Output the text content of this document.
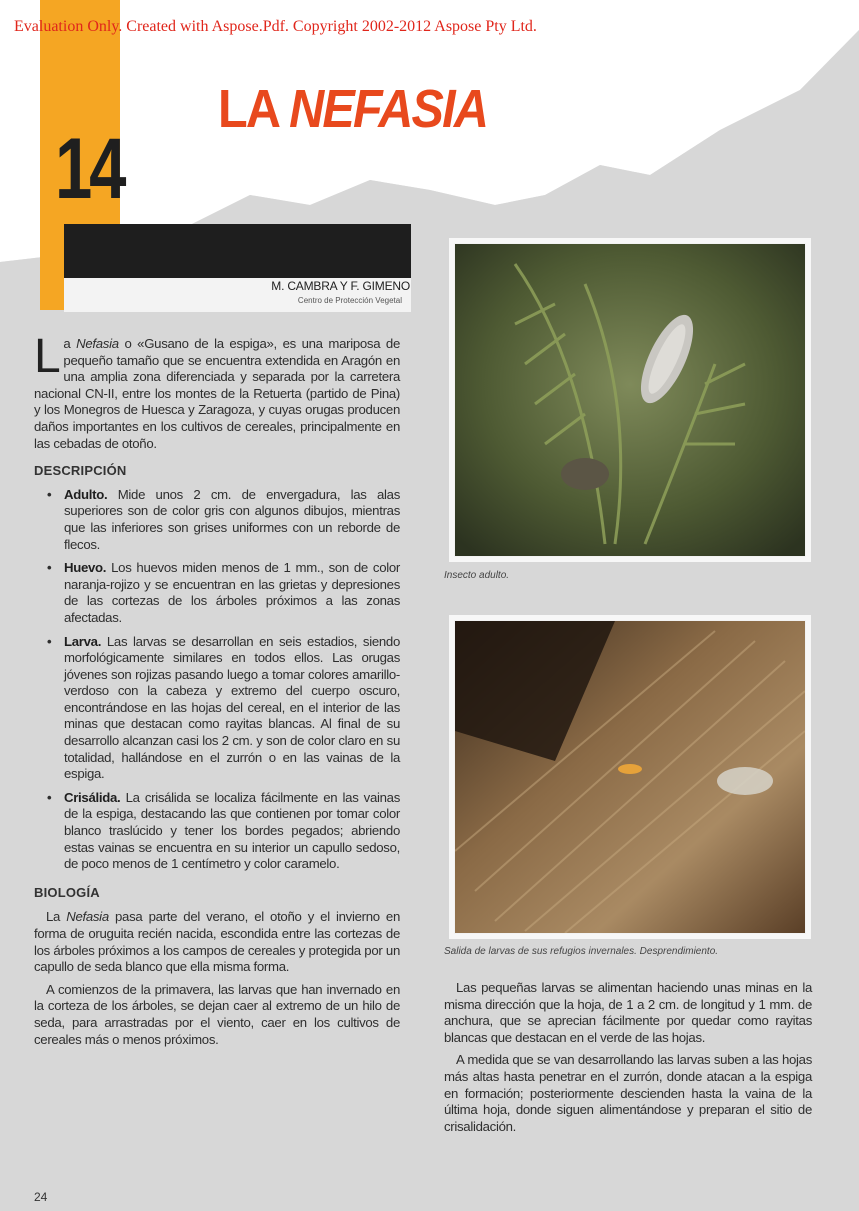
Evaluation Only. Created with Aspose.Pdf. Copyright 2002-2012 Aspose Pty Ltd.
14
LA NEFASIA
M. CAMBRA Y F. GIMENO
Centro de Protección Vegetal

La Nefasia o «Gusano de la espiga», es una mariposa de pequeño tamaño que se encuentra extendida en Aragón en una amplia zona diferenciada y separada por la carretera nacional CN-II, entre los montes de la Retuerta (partido de Pina) y los Monegros de Huesca y Zaragoza, y cuyas orugas producen daños importantes en los cultivos de cereales, principalmente en las cebadas de otoño.

DESCRIPCIÓN
• Adulto. Mide unos 2 cm. de envergadura, las alas superiores son de color gris con algunos dibujos, mientras que las inferiores son grises uniformes con un reborde de flecos.
• Huevo. Los huevos miden menos de 1 mm., son de color naranja-rojizo y se encuentran en las grietas y depresiones de las cortezas de los árboles próximos a las zonas afectadas.
• Larva. Las larvas se desarrollan en seis estadios, siendo morfológicamente similares en todos ellos. Las orugas jóvenes son rojizas pasando luego a tomar colores amarillo-verdoso con la cabeza y extremo del cuerpo oscuro, encontrándose en las hojas del cereal, en el interior de las minas que destacan como rayitas blancas. Al final de su desarrollo alcanzan casi los 2 cm. y son de color claro en su totalidad, hallándose en el zurrón o en las vainas de la espiga.
• Crisálida. La crisálida se localiza fácilmente en las vainas de la espiga, destacando las que contienen por tomar color blanco traslúcido y tener los bordes pegados; abriendo estas vainas se encuentra en su interior un capullo sedoso, de poco menos de 1 centímetro y color caramelo.
BIOLOGÍA

La Nefasia pasa parte del verano, el otoño y el invierno en forma de oruguita recién nacida, escondida entre las cortezas de los árboles próximos a los campos de cereales y protegida por un capullo de seda blanco que ella misma forma.

A comienzos de la primavera, las larvas que han invernado en la corteza de los árboles, se dejan caer al extremo de un hilo de seda, para arrastradas por el viento, caer en los cultivos de cereales más o menos próximos.

Insecto adulto.
Salida de larvas de sus refugios invernales. Desprendimiento.

Las pequeñas larvas se alimentan haciendo unas minas en la misma dirección que la hoja, de 1 a 2 cm. de longitud y 1 mm. de anchura, que se aprecian fácilmente por quedar como rayitas blancas que destacan en el verde de las hojas.

A medida que se van desarrollando las larvas suben a las hojas más altas hasta penetrar en el zurrón, donde atacan a la espiga en formación; posteriormente descienden hasta la vaina de la última hoja, donde siguen alimentándose y preparan el sitio de crisalidación.

24
